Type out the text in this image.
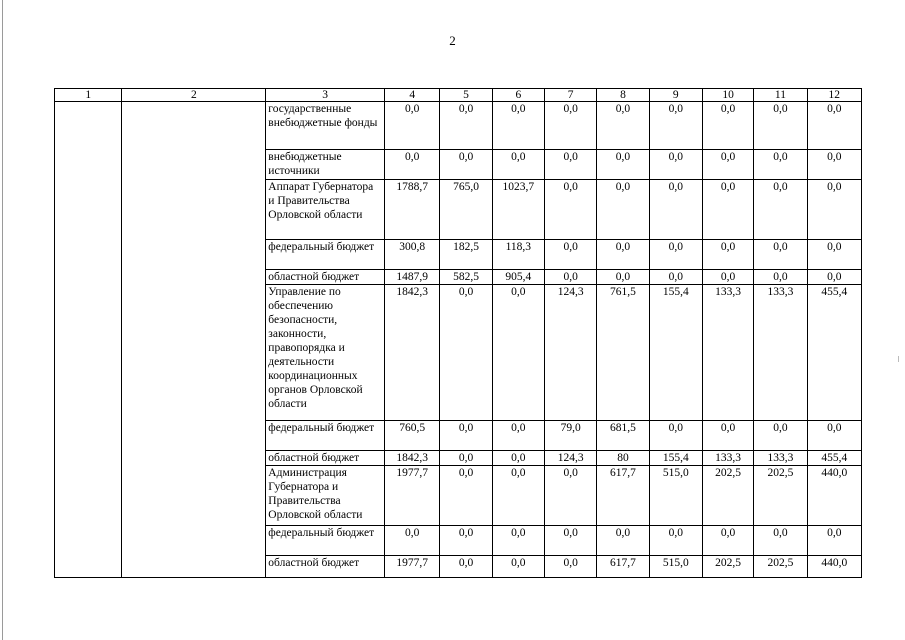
2
1	2	3	4	5	6	7	8	9	10	11	12
		государственные внебюджетные фонды	0,0	0,0	0,0	0,0	0,0	0,0	0,0	0,0	0,0
		внебюджетные источники	0,0	0,0	0,0	0,0	0,0	0,0	0,0	0,0	0,0
		Аппарат Губернатора и Правительства Орловской области	1788,7	765,0	1023,7	0,0	0,0	0,0	0,0	0,0	0,0
		федеральный бюджет	300,8	182,5	118,3	0,0	0,0	0,0	0,0	0,0	0,0
		областной бюджет	1487,9	582,5	905,4	0,0	0,0	0,0	0,0	0,0	0,0
		Управление по обеспечению безопасности, законности, правопорядка и деятельности координационных органов Орловской области	1842,3	0,0	0,0	124,3	761,5	155,4	133,3	133,3	455,4
		федеральный бюджет	760,5	0,0	0,0	79,0	681,5	0,0	0,0	0,0	0,0
		областной бюджет	1842,3	0,0	0,0	124,3	80	155,4	133,3	133,3	455,4
		Администрация Губернатора и Правительства Орловской области	1977,7	0,0	0,0	0,0	617,7	515,0	202,5	202,5	440,0
		федеральный бюджет	0,0	0,0	0,0	0,0	0,0	0,0	0,0	0,0	0,0
		областной бюджет	1977,7	0,0	0,0	0,0	617,7	515,0	202,5	202,5	440,0
